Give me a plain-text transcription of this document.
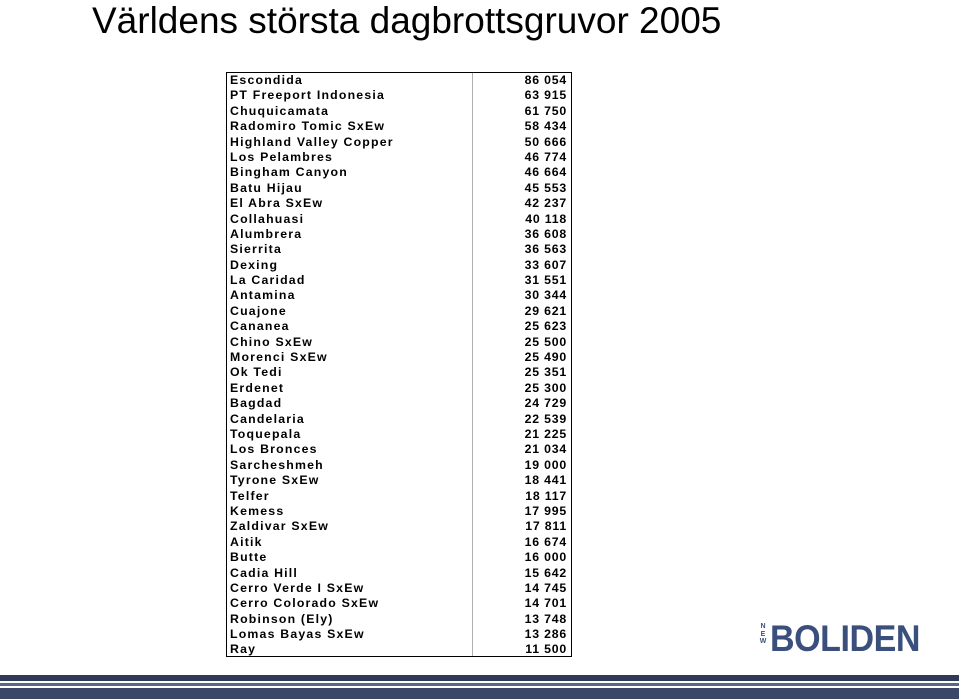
Världens största dagbrottsgruvor 2005
Escondida	86 054
PT Freeport Indonesia	63 915
Chuquicamata	61 750
Radomiro Tomic SxEw	58 434
Highland Valley Copper	50 666
Los Pelambres	46 774
Bingham Canyon	46 664
Batu Hijau	45 553
El Abra SxEw	42 237
Collahuasi	40 118
Alumbrera	36 608
Sierrita	36 563
Dexing	33 607
La Caridad	31 551
Antamina	30 344
Cuajone	29 621
Cananea	25 623
Chino SxEw	25 500
Morenci SxEw	25 490
Ok Tedi	25 351
Erdenet	25 300
Bagdad	24 729
Candelaria	22 539
Toquepala	21 225
Los Bronces	21 034
Sarcheshmeh	19 000
Tyrone SxEw	18 441
Telfer	18 117
Kemess	17 995
Zaldivar SxEw	17 811
Aitik	16 674
Butte	16 000
Cadia Hill	15 642
Cerro Verde I SxEw	14 745
Cerro Colorado SxEw	14 701
Robinson (Ely)	13 748
Lomas Bayas SxEw	13 286
Ray	11 500
N
E
W BOLIDEN
